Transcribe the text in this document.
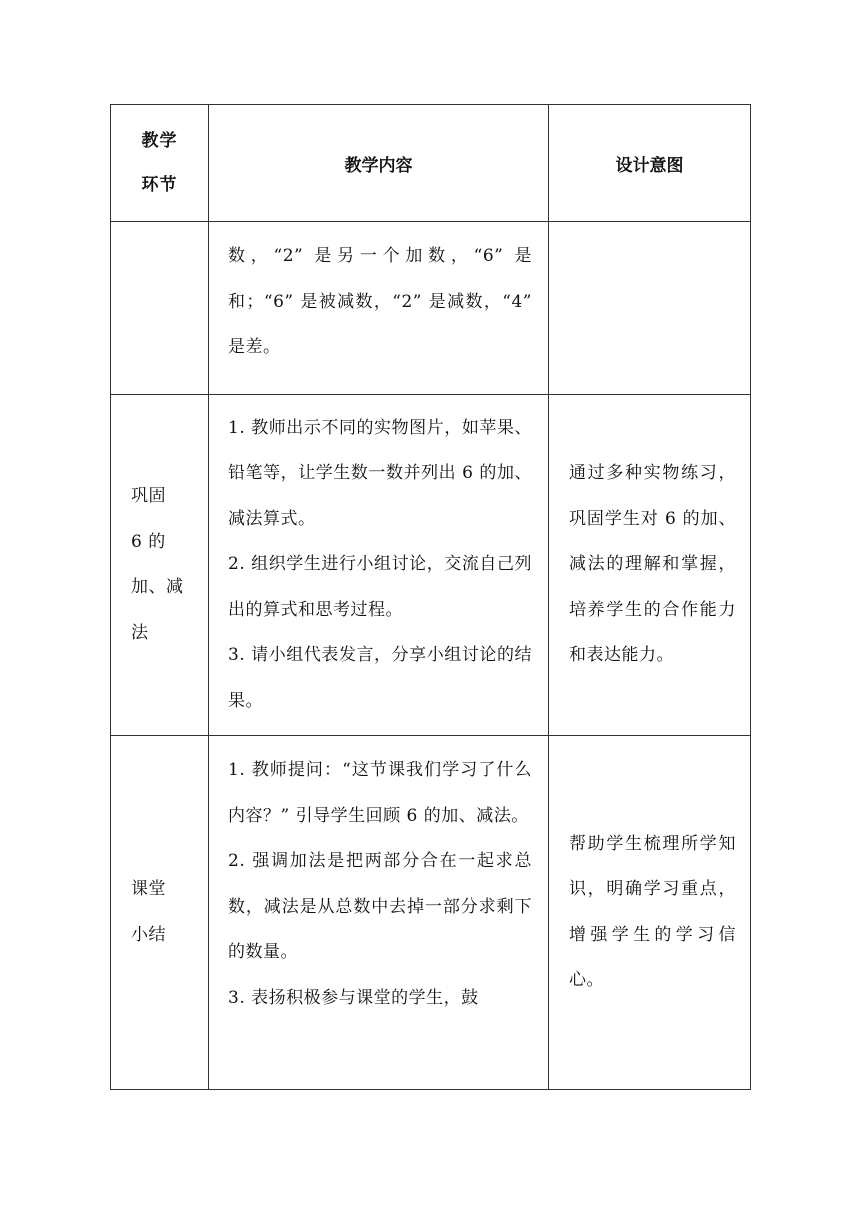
教学
环节	教学内容	设计意图

	数，“2” 是另一个加数，“6” 是和；“6” 是被减数，“2” 是减数，“4” 是差。	

巩固
6 的
加、减
法	1. 教师出示不同的实物图片，如苹果、铅笔等，让学生数一数并列出 6 的加、减法算式。
2. 组织学生进行小组讨论，交流自己列出的算式和思考过程。
3. 请小组代表发言，分享小组讨论的结果。	通过多种实物练习，巩固学生对 6 的加、减法的理解和掌握，培养学生的合作能力和表达能力。

课堂
小结	1. 教师提问：“这节课我们学习了什么内容？” 引导学生回顾 6 的加、减法。
2. 强调加法是把两部分合在一起求总数，减法是从总数中去掉一部分求剩下的数量。
3. 表扬积极参与课堂的学生，鼓	帮助学生梳理所学知识，明确学习重点，增强学生的学习信心。
